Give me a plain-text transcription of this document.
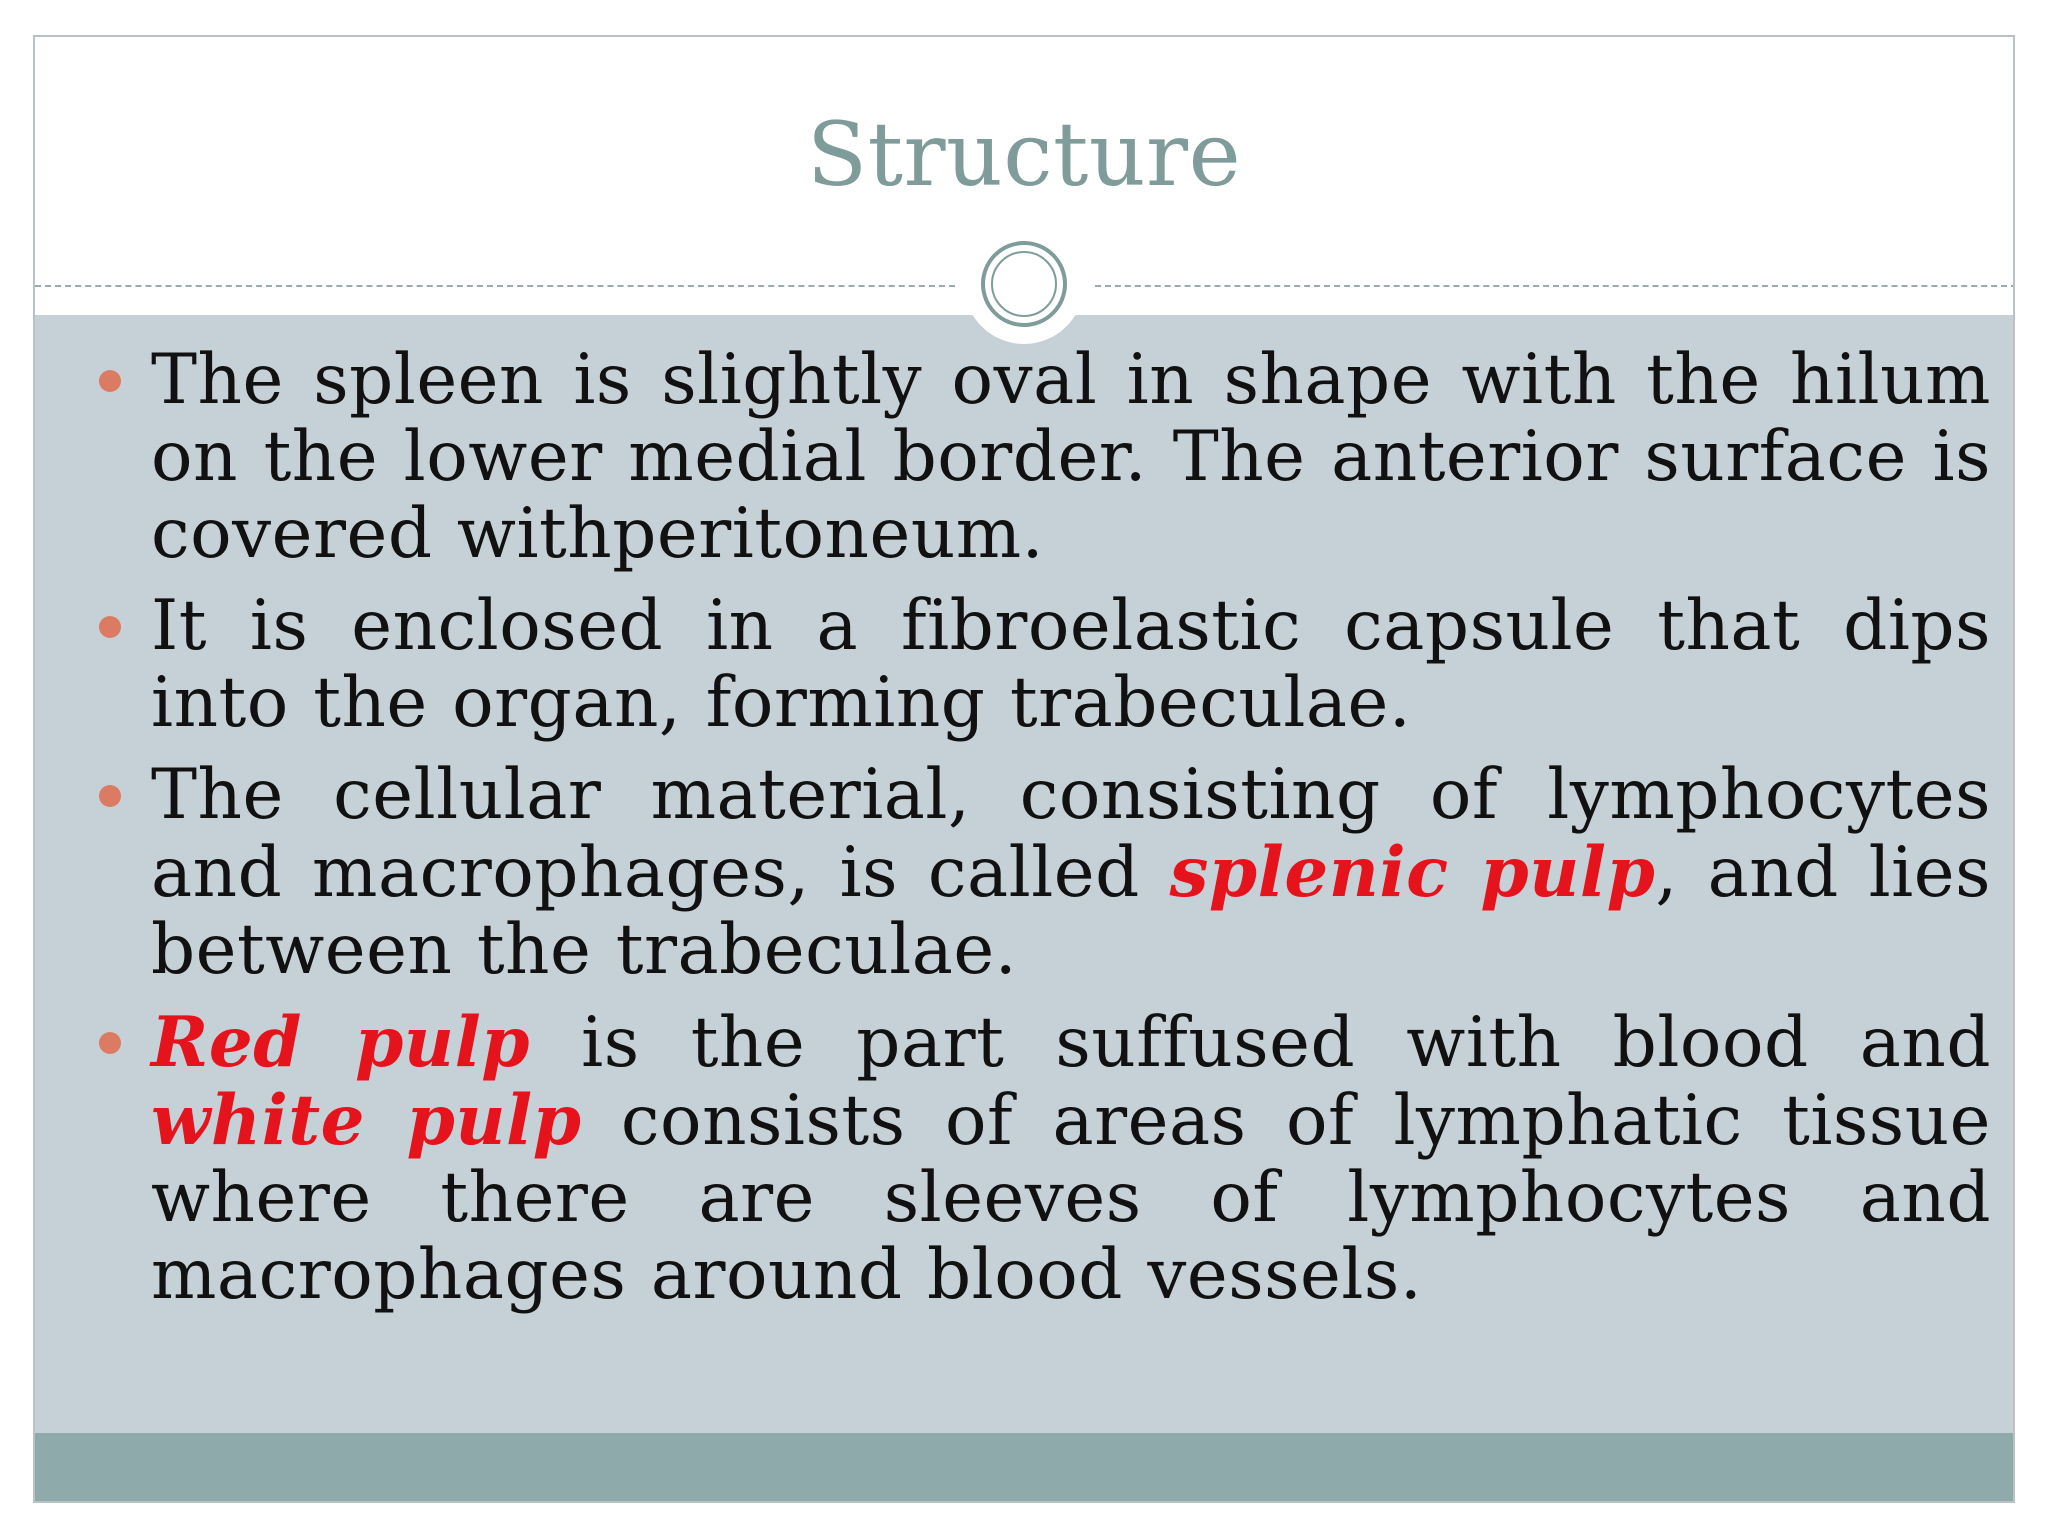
Structure
The spleen is slightly oval in shape with the hilum on the lower medial border. The anterior surface is covered withperitoneum.
It is enclosed in a fibroelastic capsule that dips into the organ, forming trabeculae.
The cellular material, consisting of lymphocytes and macrophages, is called splenic pulp, and lies between the trabeculae.
Red pulp is the part suffused with blood and white pulp consists of areas of lymphatic tissue where there are sleeves of lymphocytes and macrophages around blood vessels.
